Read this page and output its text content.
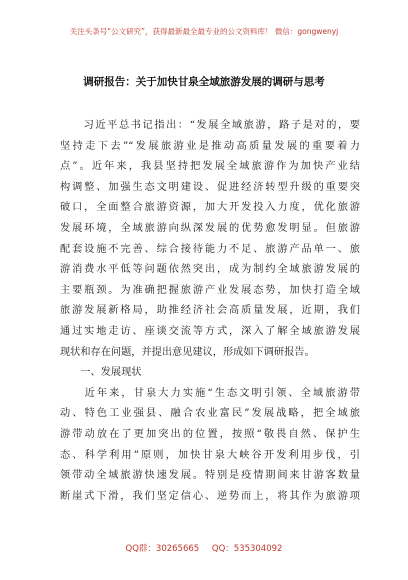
关注头条号“公文研究”，获得最新最全最专业的公文资料库！ 微信：gongwenyj
调研报告：关于加快甘泉全域旅游发展的调研与思考
　　习近平总书记指出：“发展全域旅游，路子是对的，要
坚持走下去”“发展旅游业是推动高质量发展的重要着力
点”。近年来，我县坚持把发展全域旅游作为加快产业结
构调整、加强生态文明建设、促进经济转型升级的重要突
破口，全面整合旅游资源，加大开发投入力度，优化旅游
发展环境，全域旅游向纵深发展的优势愈发明显。但旅游
配套设施不完善、综合接待能力不足、旅游产品单一、旅
游消费水平低等问题依然突出，成为制约全域旅游发展的
主要瓶颈。为准确把握旅游产业发展态势，加快打造全域
旅游发展新格局，助推经济社会高质量发展，近期，我们
通过实地走访、座谈交流等方式，深入了解全域旅游发展
现状和存在问题，并提出意见建议，形成如下调研报告。
　　一、发展现状
　　近年来，甘泉大力实施“生态文明引领、全域旅游带
动、特色工业强县、融合农业富民”发展战略，把全域旅
游带动放在了更加突出的位置，按照“敬畏自然、保护生
态、科学利用”原则，加快甘泉大峡谷开发利用步伐，引
领带动全域旅游快速发展。特别是疫情期间来甘游客数量
断崖式下滑，我们坚定信心、逆势而上，将其作为旅游项
QQ群：30265665 QQ：535304092
